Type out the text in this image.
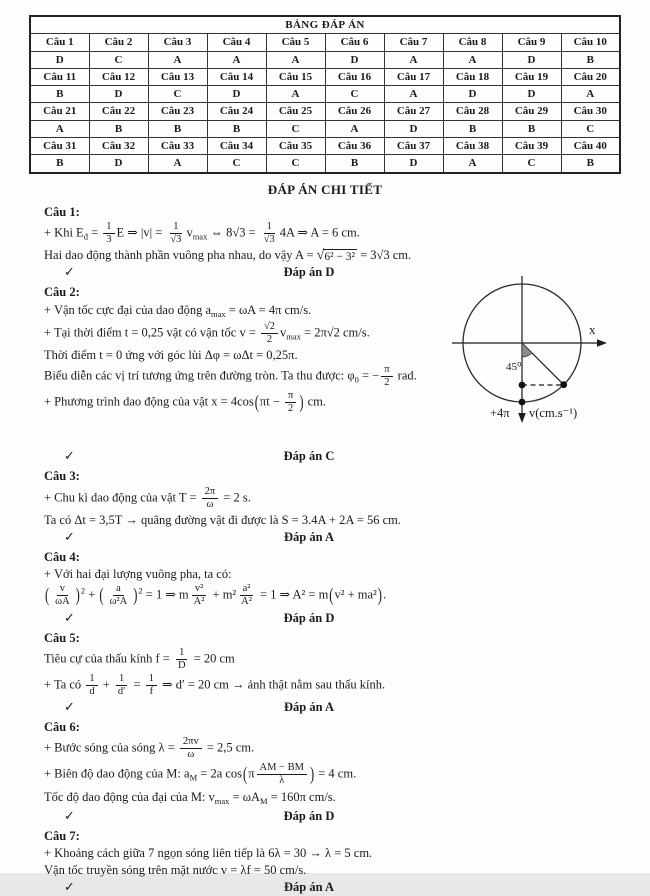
BẢNG ĐÁP ÁN									
Câu 1	Câu 2	Câu 3	Câu 4	Câu 5	Câu 6	Câu 7	Câu 8	Câu 9	Câu 10
D	C	A	A	A	D	A	A	D	B
Câu 11	Câu 12	Câu 13	Câu 14	Câu 15	Câu 16	Câu 17	Câu 18	Câu 19	Câu 20
B	D	C	D	A	C	A	D	D	A
Câu 21	Câu 22	Câu 23	Câu 24	Câu 25	Câu 26	Câu 27	Câu 28	Câu 29	Câu 30
A	B	B	B	C	A	D	B	B	C
Câu 31	Câu 32	Câu 33	Câu 34	Câu 35	Câu 36	Câu 37	Câu 38	Câu 39	Câu 40
B	D	A	C	C	B	D	A	C	B
ĐÁP ÁN CHI TIẾT
Câu 1:
+ Khi $E_đ = \frac{1}{3}$ E ⇒ $|v| = \frac{1}{√3} v_{max}$ ⇔ $8√3 = \frac{1}{√3} 4A$ ⇒ A = 6 cm.
Hai dao động thành phần vuông pha nhau, do vậy A = √ 6² − 3² = 3√3 cm.
✓	Đáp án D
Câu 2:
+ Vận tốc cực đại của dao động $a_{max} = \omega A = 4\pi$ cm/s.
+ Tại thời điểm t = 0,25 vật có vận tốc $v = \frac{√2}{2} v_{max} = 2\pi√2$ cm/s.
Thời điểm t = 0 ứng với góc lùi Δφ = ωΔt = 0,25π.
Biểu diễn các vị trí tương ứng trên đường tròn. Ta thu được: $\varphi_0$ = − $\frac{\pi}{2}$ rad.
+ Phương trình dao động của vật $x = 4\cos(\pi t - \frac{\pi}{2}$ ) cm.
✓	Đáp án C
Câu 3:
+ Chu kì dao động của vật $T = \frac{2\pi}{\omega} = 2$ s.
Ta có Δt = 3,5T → quãng đường vật đi được là S = 3.4A + 2A = 56 cm.
✓	Đáp án A
Câu 4:
+ Với hai đại lượng vuông pha, ta có:
( $\frac{v}{\omega A} )^2$ + ( $\frac{a}{\text{ω²A}} )^2 = 1$ ⇒ m $\frac{\text{v²}}{\text{A²}} + m^2 \frac{\text{a²}}{\text{A²}} = 1$ ⇒ A² = m(v² + ma²).
✓	Đáp án D
Câu 5:
Tiêu cự của thấu kính $f = \frac{1}{D} = 20$ cm
+ Ta có $\frac{1}{d} + \frac{1}{d'} = \frac{1}{f}$ ⇒ d′ = 20 cm → ảnh thật nằm sau thấu kính.
✓	Đáp án A
Câu 6:
+ Bước sóng của sóng $\lambda = \frac{2\pi v}{\omega} = 2,5$ cm.
+ Biên độ dao động của M: $a_M = 2a$ $\cos(\pi \frac{AM - BM}{\lambda}$ ) = 4 cm.
Tốc độ dao động của đại của M: $v_{max} = \omega A_M = 160\pi$ cm/s.
✓	Đáp án D
Câu 7:
+ Khoảng cách giữa 7 ngọn sóng liên tiếp là 6λ = 30 → λ = 5 cm.
Vận tốc truyền sóng trên mặt nước v = λf = 50 cm/s.
✓	Đáp án A
x
45⁰
+4π v(cm.s⁻¹)
